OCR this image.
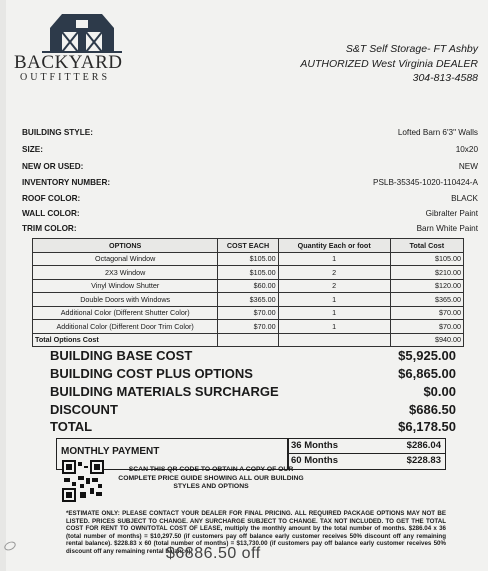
BACKYARD
OUTFITTERS
S&T Self Storage- FT Ashby
AUTHORIZED West Virginia DEALER
304-813-4588
BUILDING STYLE:	Lofted Barn 6'3" Walls
SIZE:	10x20
NEW OR USED:	NEW
INVENTORY NUMBER:	PSLB-35345-1020-110424-A
ROOF COLOR:	BLACK
WALL COLOR:	Gibralter Paint
TRIM COLOR:	Barn White Paint
OPTIONS	COST EACH	Quantity Each or foot	Total Cost
Octagonal Window	$105.00	1	$105.00
2X3 Window	$105.00	2	$210.00
Vinyl Window Shutter	$60.00	2	$120.00
Double Doors with Windows	$365.00	1	$365.00
Additional Color (Different Shutter Color)	$70.00	1	$70.00
Additional Color (Different Door Trim Color)	$70.00	1	$70.00
Total Options Cost			$940.00
BUILDING BASE COST	$5,925.00
BUILDING COST PLUS OPTIONS	$6,865.00
BUILDING MATERIALS SURCHARGE	$0.00
DISCOUNT	$686.50
TOTAL	$6,178.50
MONTHLY PAYMENT
36 Months	$286.04
60 Months	$228.83
SCAN THIS QR CODE TO OBTAIN A COPY OF OUR COMPLETE PRICE GUIDE SHOWING ALL OUR BUILDING STYLES AND OPTIONS
*ESTIMATE ONLY: PLEASE CONTACT YOUR DEALER FOR FINAL PRICING. ALL REQUIRED PACKAGE OPTIONS MAY NOT BE LISTED. PRICES SUBJECT TO CHANGE. ANY SURCHARGE SUBJECT TO CHANGE. TAX NOT INCLUDED. TO GET THE TOTAL COST FOR RENT TO OWN/TOTAL COST OF LEASE, multiply the monthly amount by the total number of months. $286.04 x 36 (total number of months) = $10,297.50 (if customers pay off balance early customer receives 50% discount off any remaining rental balance). $228.83 x 60 (total number of months) = $13,730.00 (if customers pay off balance early customer receives 50% discount off any remaining rental balance).
$6886.50 off
